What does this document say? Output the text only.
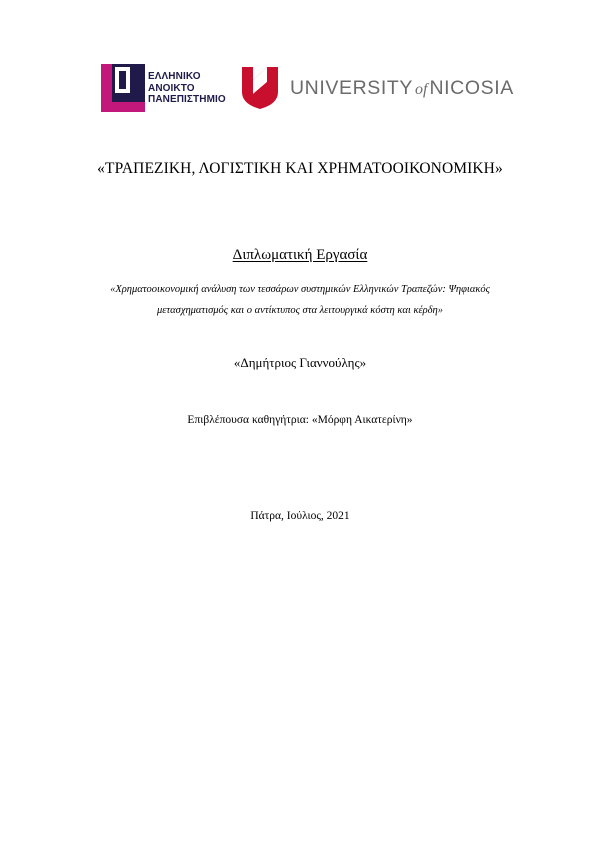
ΕΛΛΗΝΙΚΟ
ΑΝΟΙΚΤΟ
ΠΑΝΕΠΙΣΤΗΜΙΟ
UNIVERSITY of NICOSIA
«ΤΡΑΠΕΖΙΚΗ, ΛΟΓΙΣΤΙΚΗ ΚΑΙ ΧΡΗΜΑΤΟΟΙΚΟΝΟΜΙΚΗ»
Διπλωματική Εργασία
«Χρηματοοικονομική ανάλυση των τεσσάρων συστημικών Ελληνικών Τραπεζών: Ψηφιακός
μετασχηματισμός και ο αντίκτυπος στα λειτουργικά κόστη και κέρδη»
«Δημήτριος Γιαννούλης»
Επιβλέπουσα καθηγήτρια: «Μόρφη Αικατερίνη»
Πάτρα, Ιούλιος, 2021
